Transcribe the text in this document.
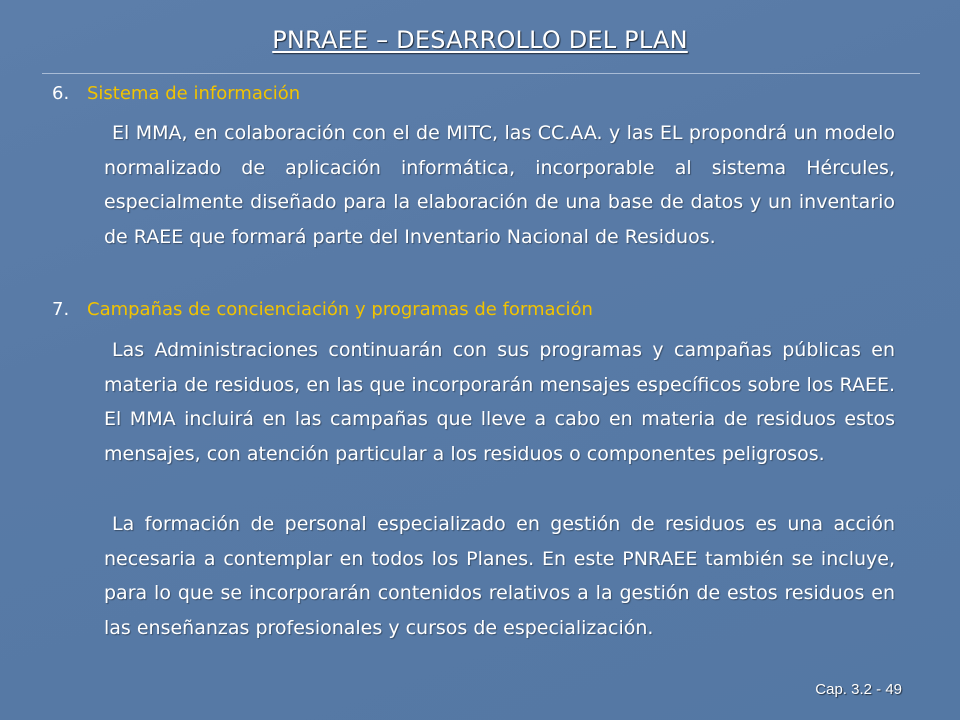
PNRAEE – DESARROLLO DEL PLAN
6. Sistema de información
El MMA, en colaboración con el de MITC, las CC.AA. y las EL propondrá un modelo normalizado de aplicación informática, incorporable al sistema Hércules, especialmente diseñado para la elaboración de una base de datos y un inventario de RAEE que formará parte del Inventario Nacional de Residuos.
7. Campañas de concienciación y programas de formación
Las Administraciones continuarán con sus programas y campañas públicas en materia de residuos, en las que incorporarán mensajes específicos sobre los RAEE. El MMA incluirá en las campañas que lleve a cabo en materia de residuos estos mensajes, con atención particular a los residuos o componentes peligrosos.
La formación de personal especializado en gestión de residuos es una acción necesaria a contemplar en todos los Planes. En este PNRAEE también se incluye, para lo que se incorporarán contenidos relativos a la gestión de estos residuos en las enseñanzas profesionales y cursos de especialización.
Cap. 3.2 - 49
